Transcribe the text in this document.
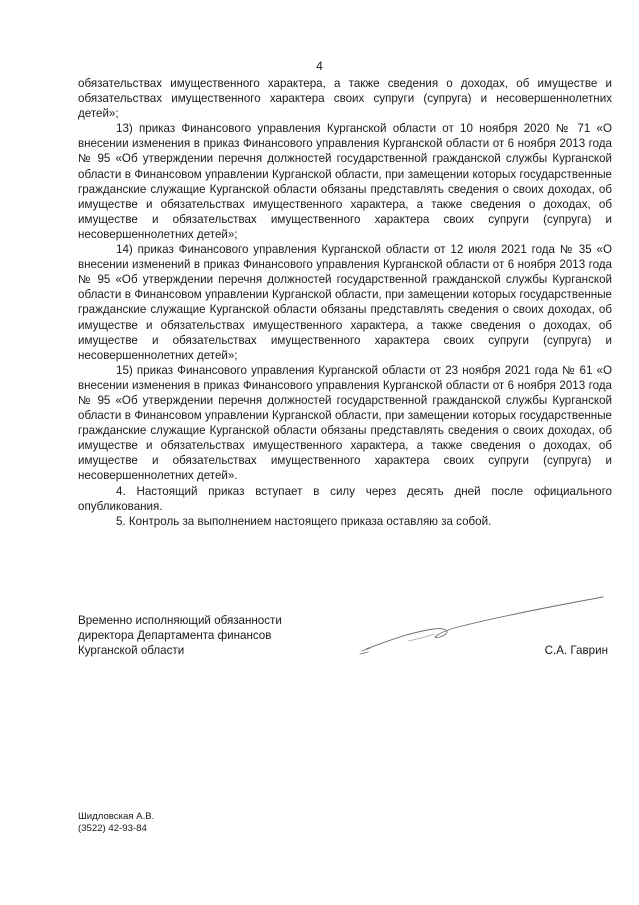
4

обязательствах имущественного характера, а также сведения о доходах, об имуществе и обязательствах имущественного характера своих супруги (супруга) и несовершеннолетних детей»;

13) приказ Финансового управления Курганской области от 10 ноября 2020 № 71 «О внесении изменения в приказ Финансового управления Курганской области от 6 ноября 2013 года № 95 «Об утверждении перечня должностей государственной гражданской службы Курганской области в Финансовом управлении Курганской области, при замещении которых государственные гражданские служащие Курганской области обязаны представлять сведения о своих доходах, об имуществе и обязательствах имущественного характера, а также сведения о доходах, об имуществе и обязательствах имущественного характера своих супруги (супруга) и несовершеннолетних детей»;

14) приказ Финансового управления Курганской области от 12 июля 2021 года № 35 «О внесении изменений в приказ Финансового управления Курганской области от 6 ноября 2013 года № 95 «Об утверждении перечня должностей государственной гражданской службы Курганской области в Финансовом управлении Курганской области, при замещении которых государственные гражданские служащие Курганской области обязаны представлять сведения о своих доходах, об имуществе и обязательствах имущественного характера, а также сведения о доходах, об имуществе и обязательствах имущественного характера своих супруги (супруга) и несовершеннолетних детей»;

15) приказ Финансового управления Курганской области от 23 ноября 2021 года № 61 «О внесении изменения в приказ Финансового управления Курганской области от 6 ноября 2013 года № 95 «Об утверждении перечня должностей государственной гражданской службы Курганской области в Финансовом управлении Курганской области, при замещении которых государственные гражданские служащие Курганской области обязаны представлять сведения о своих доходах, об имуществе и обязательствах имущественного характера, а также сведения о доходах, об имуществе и обязательствах имущественного характера своих супруги (супруга) и несовершеннолетних детей».

4. Настоящий приказ вступает в силу через десять дней после официального опубликования.

5. Контроль за выполнением настоящего приказа оставляю за собой.

Временно исполняющий обязанности
директора Департамента финансов
Курганской области	С.А. Гаврин
Шидловская А.В.
(3522) 42-93-84
